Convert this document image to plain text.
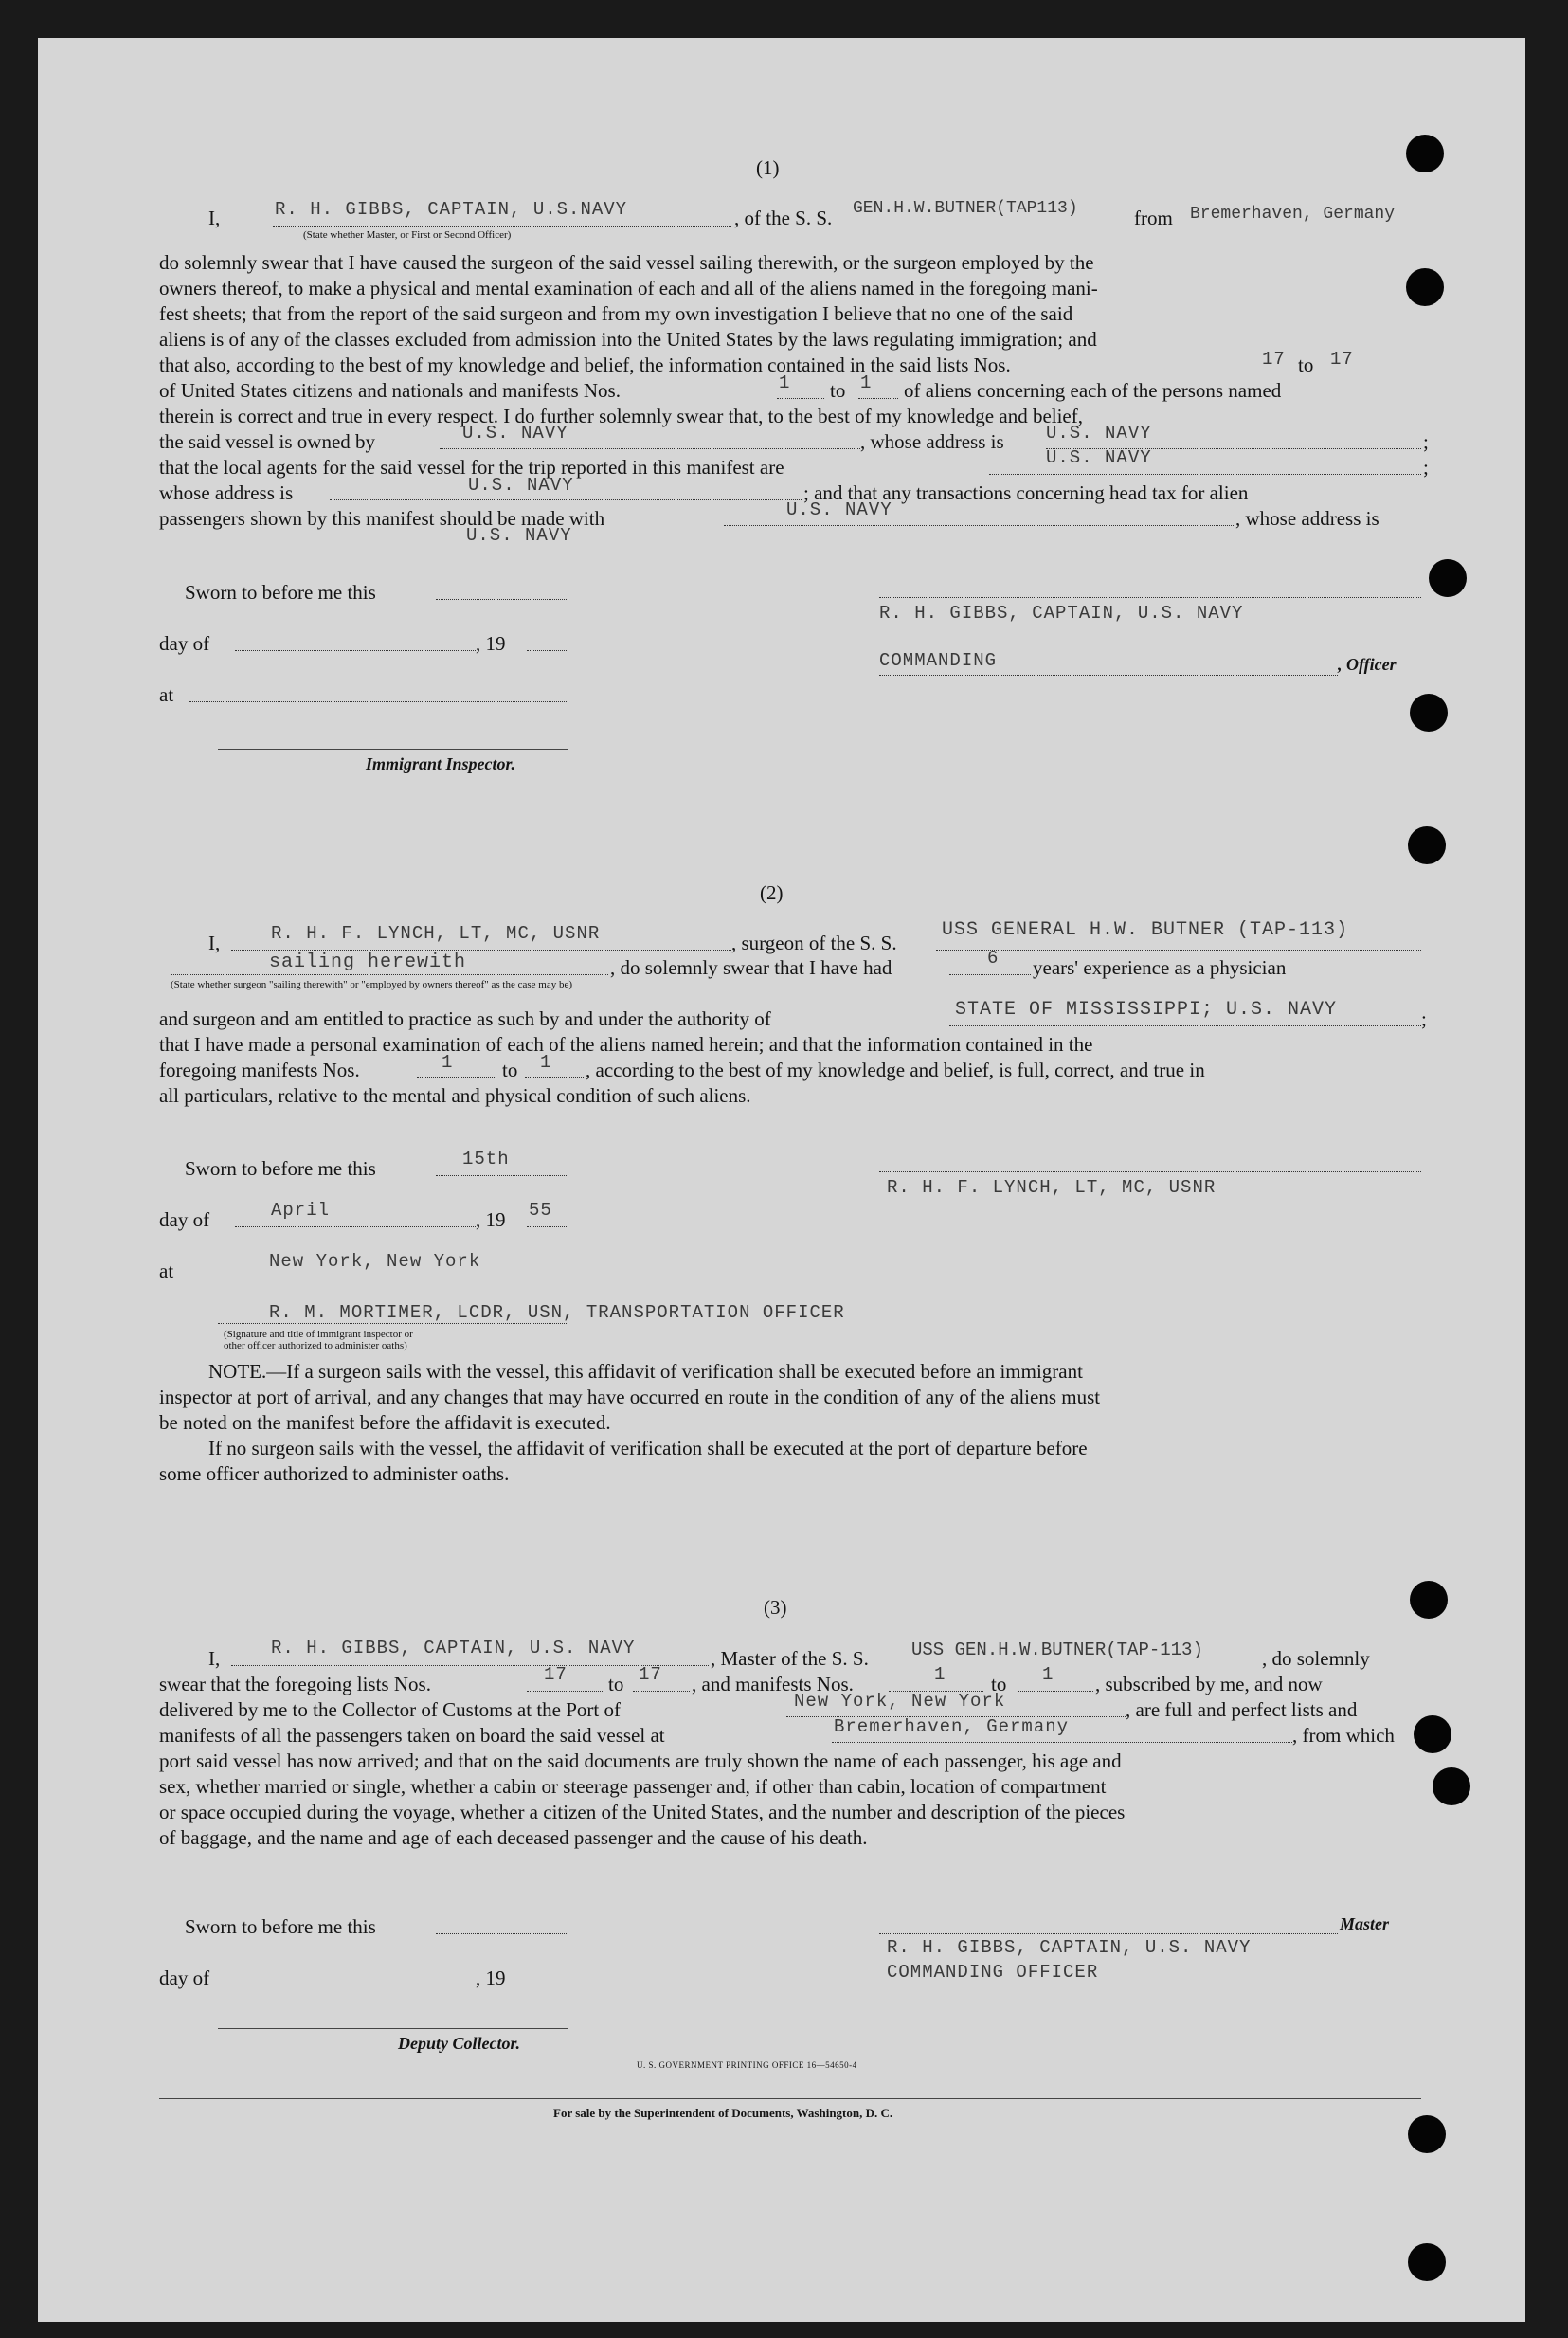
(1)
I,	R. H. GIBBS, CAPTAIN, U.S.NAVY
(State whether Master, or First or Second Officer)
, of the S. S. GEN.H.W.BUTNER(TAP113)	from Bremerhaven, Germany
do solemnly swear that I have caused the surgeon of the said vessel sailing therewith, or the surgeon employed by the
owners thereof, to make a physical and mental examination of each and all of the aliens named in the foregoing mani-
fest sheets; that from the report of the said surgeon and from my own investigation I believe that no one of the said
aliens is of any of the classes excluded from admission into the United States by the laws regulating immigration; and
that also, according to the best of my knowledge and belief, the information contained in the said lists Nos.	17 to 17
of United States citizens and nationals and manifests Nos.	1 to 1 of aliens concerning each of the persons named
therein is correct and true in every respect. I do further solemnly swear that, to the best of my knowledge and belief,
the said vessel is owned by	U.S. NAVY	, whose address is U.S. NAVY	;
that the local agents for the said vessel for the trip reported in this manifest are	U.S. NAVY	;
whose address is	U.S. NAVY	; and that any transactions concerning head tax for alien
passengers shown by this manifest should be made with	U.S. NAVY	, whose address is
U.S. NAVY
Sworn to before me this
day of	, 19
at
Immigrant Inspector.
R. H. GIBBS, CAPTAIN, U.S. NAVY
COMMANDING	, Officer
(2)
I,	R. H. F. LYNCH, LT, MC, USNR	, surgeon of the S. S.
USS GENERAL H.W. BUTNER (TAP-113)
sailing herewith	, do solemnly swear that I have had	6 years' experience as a physician
(State whether surgeon "sailing therewith" or "employed by owners thereof" as the case may be)
and surgeon and am entitled to practice as such by and under the authority of	STATE OF MISSISSIPPI; U.S. NAVY	;
that I have made a personal examination of each of the aliens named herein; and that the information contained in the
foregoing manifests Nos.	1 to 1 , according to the best of my knowledge and belief, is full, correct, and true in
all particulars, relative to the mental and physical condition of such aliens.
Sworn to before me this	15th
day of	April	, 19 55
at	New York, New York
R. M. MORTIMER, LCDR, USN, TRANSPORTATION OFFICER
(Signature and title of immigrant inspector or
other officer authorized to administer oaths)
R. H. F. LYNCH, LT, MC, USNR
NOTE.—If a surgeon sails with the vessel, this affidavit of verification shall be executed before an immigrant
inspector at port of arrival, and any changes that may have occurred en route in the condition of any of the aliens must
be noted on the manifest before the affidavit is executed.
If no surgeon sails with the vessel, the affidavit of verification shall be executed at the port of departure before
some officer authorized to administer oaths.
(3)
I,	R. H. GIBBS, CAPTAIN, U.S. NAVY	, Master of the S. S. USS GEN.H.W.BUTNER(TAP-113)	, do solemnly
swear that the foregoing lists Nos.	17 to 17 , and manifests Nos.	1 to 1 , subscribed by me, and now
delivered by me to the Collector of Customs at the Port of	New York, New York	, are full and perfect lists and
manifests of all the passengers taken on board the said vessel at	Bremerhaven, Germany	, from which
port said vessel has now arrived; and that on the said documents are truly shown the name of each passenger, his age and
sex, whether married or single, whether a cabin or steerage passenger and, if other than cabin, location of compartment
or space occupied during the voyage, whether a citizen of the United States, and the number and description of the pieces
of baggage, and the name and age of each deceased passenger and the cause of his death.
Sworn to before me this
day of	, 19
Deputy Collector.
Master
R. H. GIBBS, CAPTAIN, U.S. NAVY
COMMANDING OFFICER
U. S. GOVERNMENT PRINTING OFFICE 16—54650-4
For sale by the Superintendent of Documents, Washington, D. C.
